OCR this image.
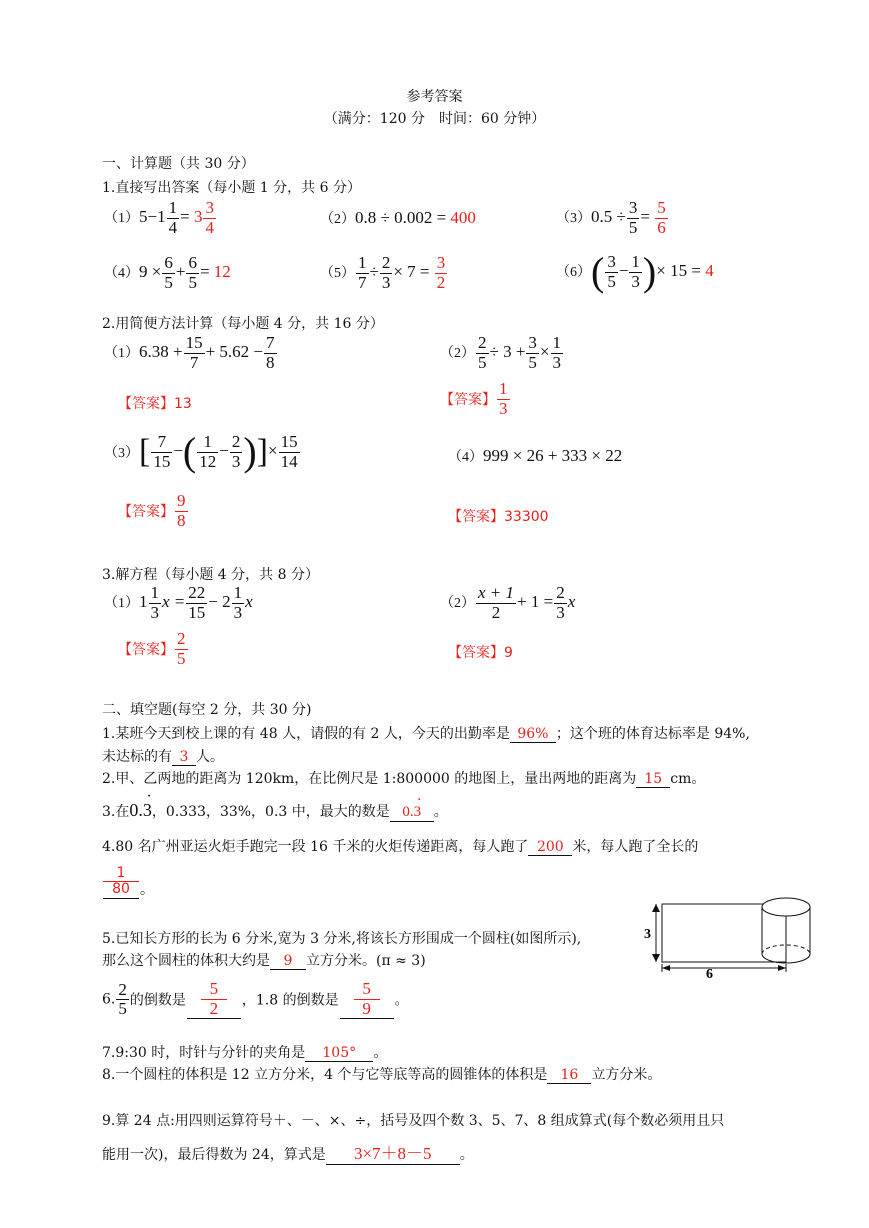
参考答案
（满分：120 分　时间：60 分钟）
一、计算题（共 30 分）
1.直接写出答案（每小题 1 分，共 6 分）
$(1)5-1 \frac{1}{4} = 3 \frac{3}{4}$	（2）0.8 ÷ 0.002 = 400	$(3)0.5 \div \frac{3}{5} = \frac{5}{6}$
$(4)9 \times \frac{6}{5} + \frac{6}{5} = 12$	$(5) \frac{1}{7} \div \frac{2}{3} \times 7 = \frac{3}{2}$	$(6)( \frac{3}{5} - \frac{1}{3}$ )× 15 = 4
2.用简便方法计算（每小题 4 分，共 16 分）
$(1)6.38 + \frac{15}{7} + 5.62 - \frac{7}{8}$
【答案】13
$(2) \frac{2}{5} \div 3 + \frac{3}{5} \times \frac{1}{3}$
【答案】 $\frac{1}{3}$
$(3)[ \frac{7}{15}$ −( $\frac{1}{12} - \frac{2}{3}$ )]× $\frac{15}{14}$
【答案】 $\frac{9}{8}$
（4）999 × 26 + 333 × 22
【答案】33300
3.解方程（每小题 4 分，共 8 分）
$(1)1 \frac{1}{3}$ $x = \frac{22}{15} - 2 \frac{1}{3}$ x
【答案】 $\frac{2}{5}$
$(2) \frac{x + 1}{2} + 1 = \frac{2}{3}$ x
【答案】9
二、填空题(每空 2 分，共 30 分)
1.某班今天到校上课的有 48 人，请假的有 2 人，今天的出勤率是 96% ；这个班的体育达标率是 94%,
未达标的有 3 人。
2.甲、乙两地的距离为 120km，在比例尺是 1:800000 的地图上，量出两地的距离为 15 cm。
3.在0.3
·
，0.333，33%，0.3 中，最大的数是 0.3
·
。
4.80 名广州亚运火炬手跑完一段 16 千米的火炬传递距离，每人跑了 200 米，每人跑了全长的
$\frac{1}{80}$ 。
5.已知长方形的长为 6 分米,宽为 3 分米,将该长方形围成一个圆柱(如图所示),
那么这个圆柱的体积大约是 9 立方分米。(π ≈ 3)
3
6
6. $\frac{2}{5}$ 的倒数是 $\frac{5}{2}$ ，1.8 的倒数是 $\frac{5}{9}$ 。
7.9:30 时，时针与分针的夹角是 105° 。
8.一个圆柱的体积是 12 立方分米，4 个与它等底等高的圆锥体的体积是 16 立方分米。
9.算 24 点:用四则运算符号＋、－、×、÷，括号及四个数 3、5、7、8 组成算式(每个数必须用且只
能用一次)，最后得数为 24，算式是 3×7＋8－5 。
